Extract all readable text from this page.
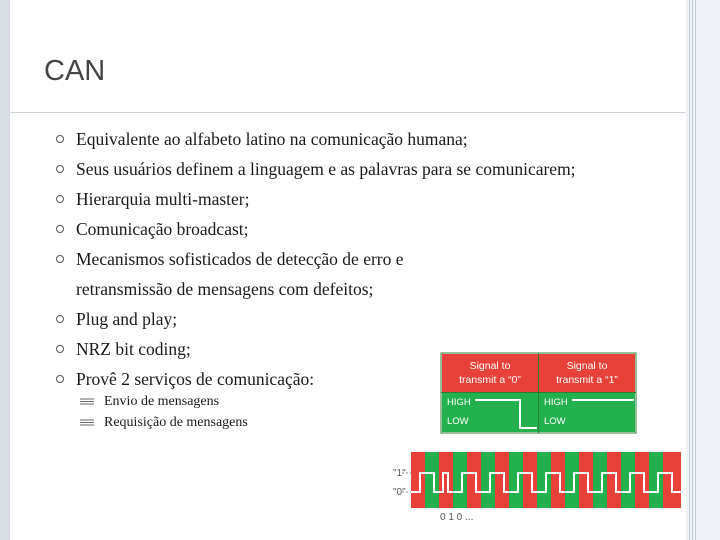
CAN
Equivalente ao alfabeto latino na comunicação humana;
Seus usuários definem a linguagem e as palavras para se comunicarem;
Hierarquia multi-master;
Comunicação broadcast;
Mecanismos sofisticados de detecção de erro e
retransmissão de mensagens com defeitos;
Plug and play;
NRZ bit coding;
Provê 2 serviços de comunicação:
Envio de mensagens
Requisição de mensagens
Signal to
transmit a “0”
Signal to
transmit a “1”
HIGH
LOW
HIGH
LOW
"1"
"0"
0 1 0 ...
